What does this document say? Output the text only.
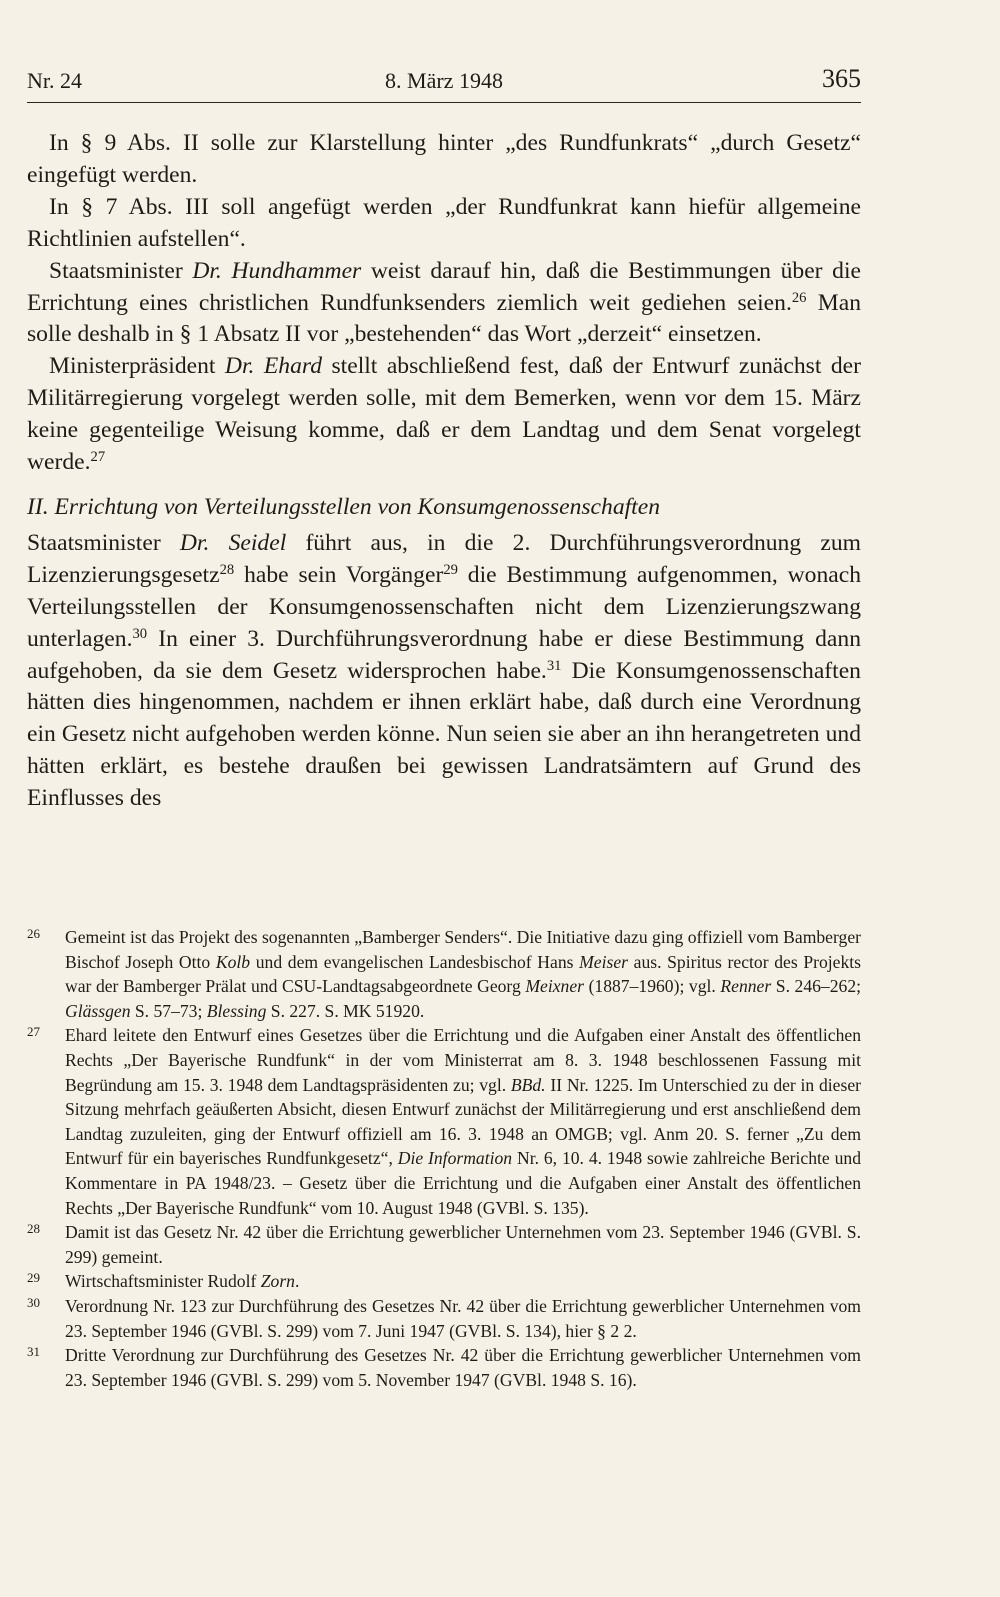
Nr. 24	8. März 1948	365

In § 9 Abs. II solle zur Klarstellung hinter „des Rundfunkrats“ „durch Gesetz“ eingefügt werden.

In § 7 Abs. III soll angefügt werden „der Rundfunkrat kann hiefür allgemeine Richtlinien aufstellen“.

Staatsminister Dr. Hundhammer weist darauf hin, daß die Bestimmungen über die Errichtung eines christlichen Rundfunksenders ziemlich weit gediehen seien.$^{26}$ Man solle deshalb in § 1 Absatz II vor „bestehenden“ das Wort „derzeit“ einsetzen.

Ministerpräsident Dr. Ehard stellt abschließend fest, daß der Entwurf zunächst der Militärregierung vorgelegt werden solle, mit dem Bemerken, wenn vor dem 15. März keine gegenteilige Weisung komme, daß er dem Landtag und dem Senat vorgelegt werde.$^{27}$

II. Errichtung von Verteilungsstellen von Konsumgenossenschaften

Staatsminister Dr. Seidel führt aus, in die 2. Durchführungsverordnung zum Lizenzierungsgesetz$^{28}$ habe sein Vorgänger$^{29}$ die Bestimmung aufgenommen, wonach Verteilungsstellen der Konsumgenossenschaften nicht dem Lizenzierungszwang unterlagen.$^{30}$ In einer 3. Durchführungsverordnung habe er diese Bestimmung dann aufgehoben, da sie dem Gesetz widersprochen habe.$^{31}$ Die Konsumgenossenschaften hätten dies hingenommen, nachdem er ihnen erklärt habe, daß durch eine Verordnung ein Gesetz nicht aufgehoben werden könne. Nun seien sie aber an ihn herangetreten und hätten erklärt, es bestehe draußen bei gewissen Landratsämtern auf Grund des Einflusses des

26 Gemeint ist das Projekt des sogenannten „Bamberger Senders“. Die Initiative dazu ging offiziell vom Bamberger Bischof Joseph Otto Kolb und dem evangelischen Landesbischof Hans Meiser aus. Spiritus rector des Projekts war der Bamberger Prälat und CSU-Landtagsabgeordnete Georg Meixner (1887–1960); vgl. Renner S. 246–262; Glässgen S. 57–73; Blessing S. 227. S. MK 51920.
27 Ehard leitete den Entwurf eines Gesetzes über die Errichtung und die Aufgaben einer Anstalt des öffentlichen Rechts „Der Bayerische Rundfunk“ in der vom Ministerrat am 8. 3. 1948 beschlossenen Fassung mit Begründung am 15. 3. 1948 dem Landtagspräsidenten zu; vgl. BBd. II Nr. 1225. Im Unterschied zu der in dieser Sitzung mehrfach geäußerten Absicht, diesen Entwurf zunächst der Militärregierung und erst anschließend dem Landtag zuzuleiten, ging der Entwurf offiziell am 16. 3. 1948 an OMGB; vgl. Anm 20. S. ferner „Zu dem Entwurf für ein bayerisches Rundfunkgesetz“, Die Information Nr. 6, 10. 4. 1948 sowie zahlreiche Berichte und Kommentare in PA 1948/23. – Gesetz über die Errichtung und die Aufgaben einer Anstalt des öffentlichen Rechts „Der Bayerische Rundfunk“ vom 10. August 1948 (GVBl. S. 135).
28 Damit ist das Gesetz Nr. 42 über die Errichtung gewerblicher Unternehmen vom 23. September 1946 (GVBl. S. 299) gemeint.
29 Wirtschaftsminister Rudolf Zorn.
30 Verordnung Nr. 123 zur Durchführung des Gesetzes Nr. 42 über die Errichtung gewerblicher Unternehmen vom 23. September 1946 (GVBl. S. 299) vom 7. Juni 1947 (GVBl. S. 134), hier § 2 2.
31 Dritte Verordnung zur Durchführung des Gesetzes Nr. 42 über die Errichtung gewerblicher Unternehmen vom 23. September 1946 (GVBl. S. 299) vom 5. November 1947 (GVBl. 1948 S. 16).
